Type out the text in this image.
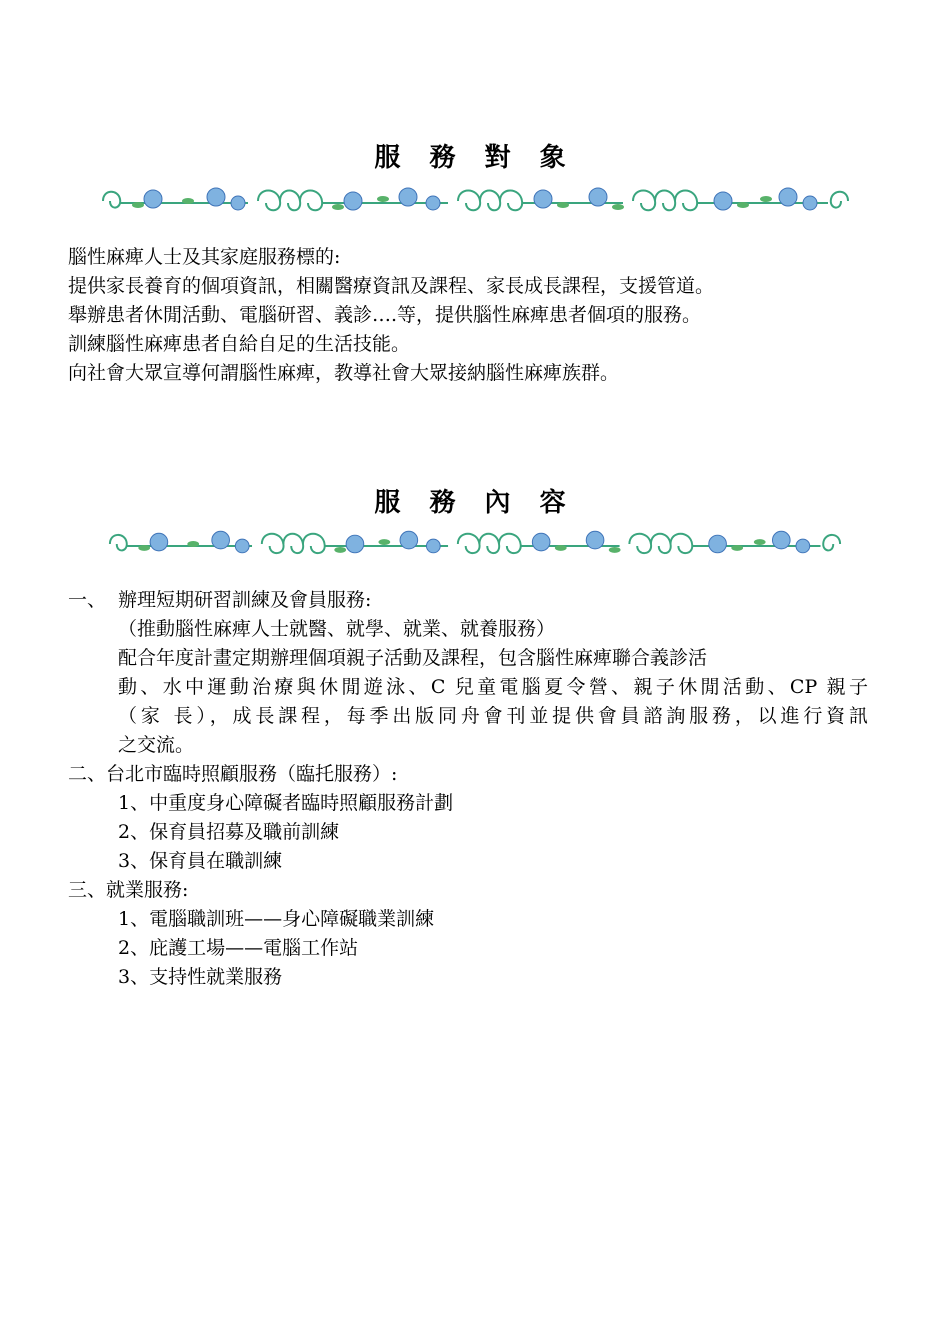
服 務 對 象
腦性麻痺人士及其家庭服務標的:
提供家長養育的個項資訊，相關醫療資訊及課程、家長成長課程，支援管道。
舉辦患者休閒活動、電腦研習、義診….等，提供腦性麻痺患者個項的服務。
訓練腦性麻痺患者自給自足的生活技能。
向社會大眾宣導何謂腦性麻痺，教導社會大眾接納腦性麻痺族群。
服 務 內 容
一、 辦理短期研習訓練及會員服務:
（推動腦性麻痺人士就醫、就學、就業、就養服務）
配合年度計畫定期辦理個項親子活動及課程，包含腦性麻痺聯合義診活
動、水中運動治療與休閒遊泳、C 兒童電腦夏令營、親子休閒活動、CP 親子
（家 長），成長課程，每季出版同舟會刊並提供會員諮詢服務，以進行資訊
之交流。
二、台北市臨時照顧服務（臨托服務）:
1、中重度身心障礙者臨時照顧服務計劃
2、保育員招募及職前訓練
3、保育員在職訓練
三、就業服務:
1、電腦職訓班——身心障礙職業訓練
2、庇護工場——電腦工作站
3、支持性就業服務
